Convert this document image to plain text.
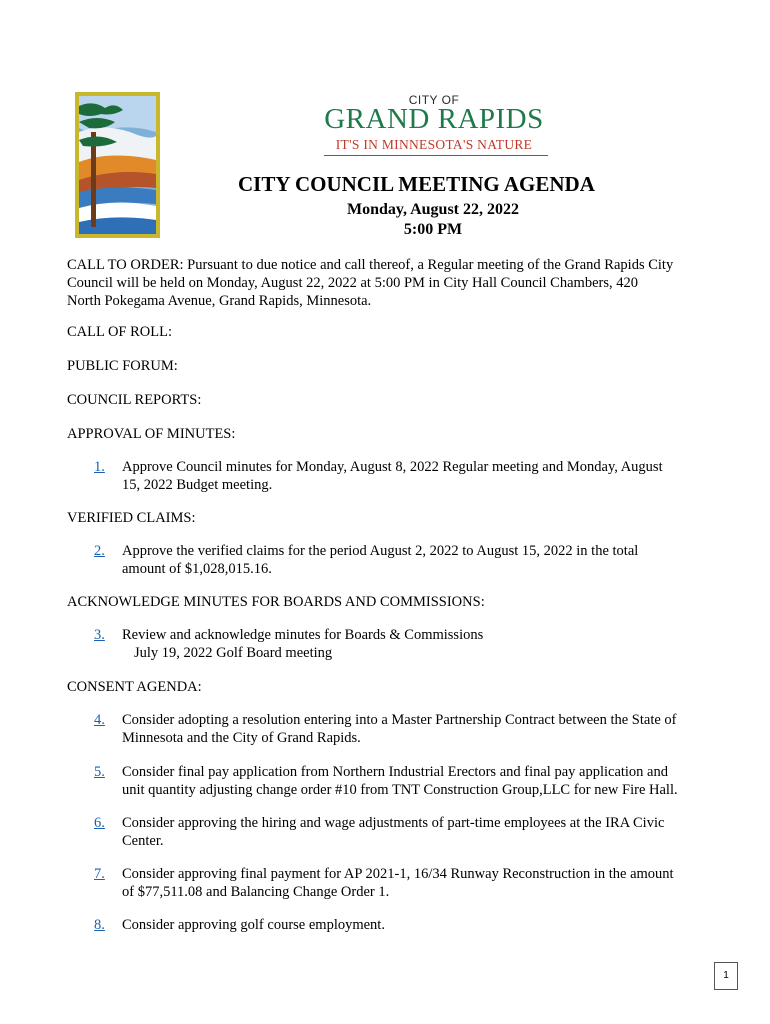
CITY OF
GRAND RAPIDS
IT'S IN MINNESOTA'S NATURE
CITY COUNCIL MEETING AGENDA
Monday, August 22, 2022
5:00 PM
CALL TO ORDER: Pursuant to due notice and call thereof, a Regular meeting of the Grand Rapids City
Council will be held on Monday, August 22, 2022 at 5:00 PM in City Hall Council Chambers, 420
North Pokegama Avenue, Grand Rapids, Minnesota.
CALL OF ROLL:
PUBLIC FORUM:
COUNCIL REPORTS:
APPROVAL OF MINUTES:
1. Approve Council minutes for Monday, August 8, 2022 Regular meeting and Monday, August
15, 2022 Budget meeting.
VERIFIED CLAIMS:
2. Approve the verified claims for the period August 2, 2022 to August 15, 2022 in the total
amount of $1,028,015.16.
ACKNOWLEDGE MINUTES FOR BOARDS AND COMMISSIONS:
3. Review and acknowledge minutes for Boards & Commissions
July 19, 2022 Golf Board meeting
CONSENT AGENDA:
4. Consider adopting a resolution entering into a Master Partnership Contract between the State of
Minnesota and the City of Grand Rapids.
5. Consider final pay application from Northern Industrial Erectors and final pay application and
unit quantity adjusting change order #10 from TNT Construction Group,LLC for new Fire Hall.
6. Consider approving the hiring and wage adjustments of part-time employees at the IRA Civic
Center.
7. Consider approving final payment for AP 2021-1, 16/34 Runway Reconstruction in the amount
of $77,511.08 and Balancing Change Order 1.
8. Consider approving golf course employment.
1
